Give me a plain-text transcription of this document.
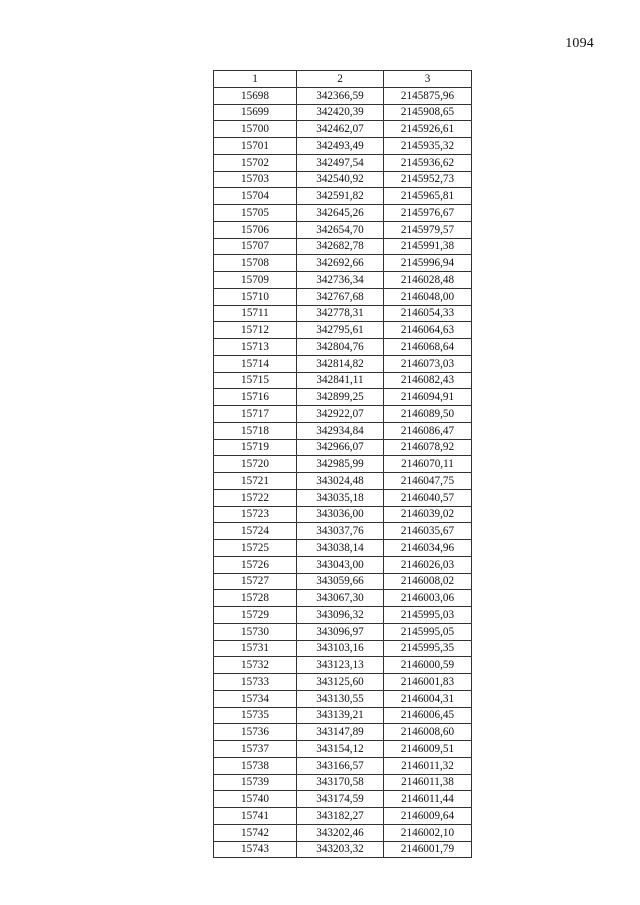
1094
1	2	3
15698	342366,59	2145875,96
15699	342420,39	2145908,65
15700	342462,07	2145926,61
15701	342493,49	2145935,32
15702	342497,54	2145936,62
15703	342540,92	2145952,73
15704	342591,82	2145965,81
15705	342645,26	2145976,67
15706	342654,70	2145979,57
15707	342682,78	2145991,38
15708	342692,66	2145996,94
15709	342736,34	2146028,48
15710	342767,68	2146048,00
15711	342778,31	2146054,33
15712	342795,61	2146064,63
15713	342804,76	2146068,64
15714	342814,82	2146073,03
15715	342841,11	2146082,43
15716	342899,25	2146094,91
15717	342922,07	2146089,50
15718	342934,84	2146086,47
15719	342966,07	2146078,92
15720	342985,99	2146070,11
15721	343024,48	2146047,75
15722	343035,18	2146040,57
15723	343036,00	2146039,02
15724	343037,76	2146035,67
15725	343038,14	2146034,96
15726	343043,00	2146026,03
15727	343059,66	2146008,02
15728	343067,30	2146003,06
15729	343096,32	2145995,03
15730	343096,97	2145995,05
15731	343103,16	2145995,35
15732	343123,13	2146000,59
15733	343125,60	2146001,83
15734	343130,55	2146004,31
15735	343139,21	2146006,45
15736	343147,89	2146008,60
15737	343154,12	2146009,51
15738	343166,57	2146011,32
15739	343170,58	2146011,38
15740	343174,59	2146011,44
15741	343182,27	2146009,64
15742	343202,46	2146002,10
15743	343203,32	2146001,79
